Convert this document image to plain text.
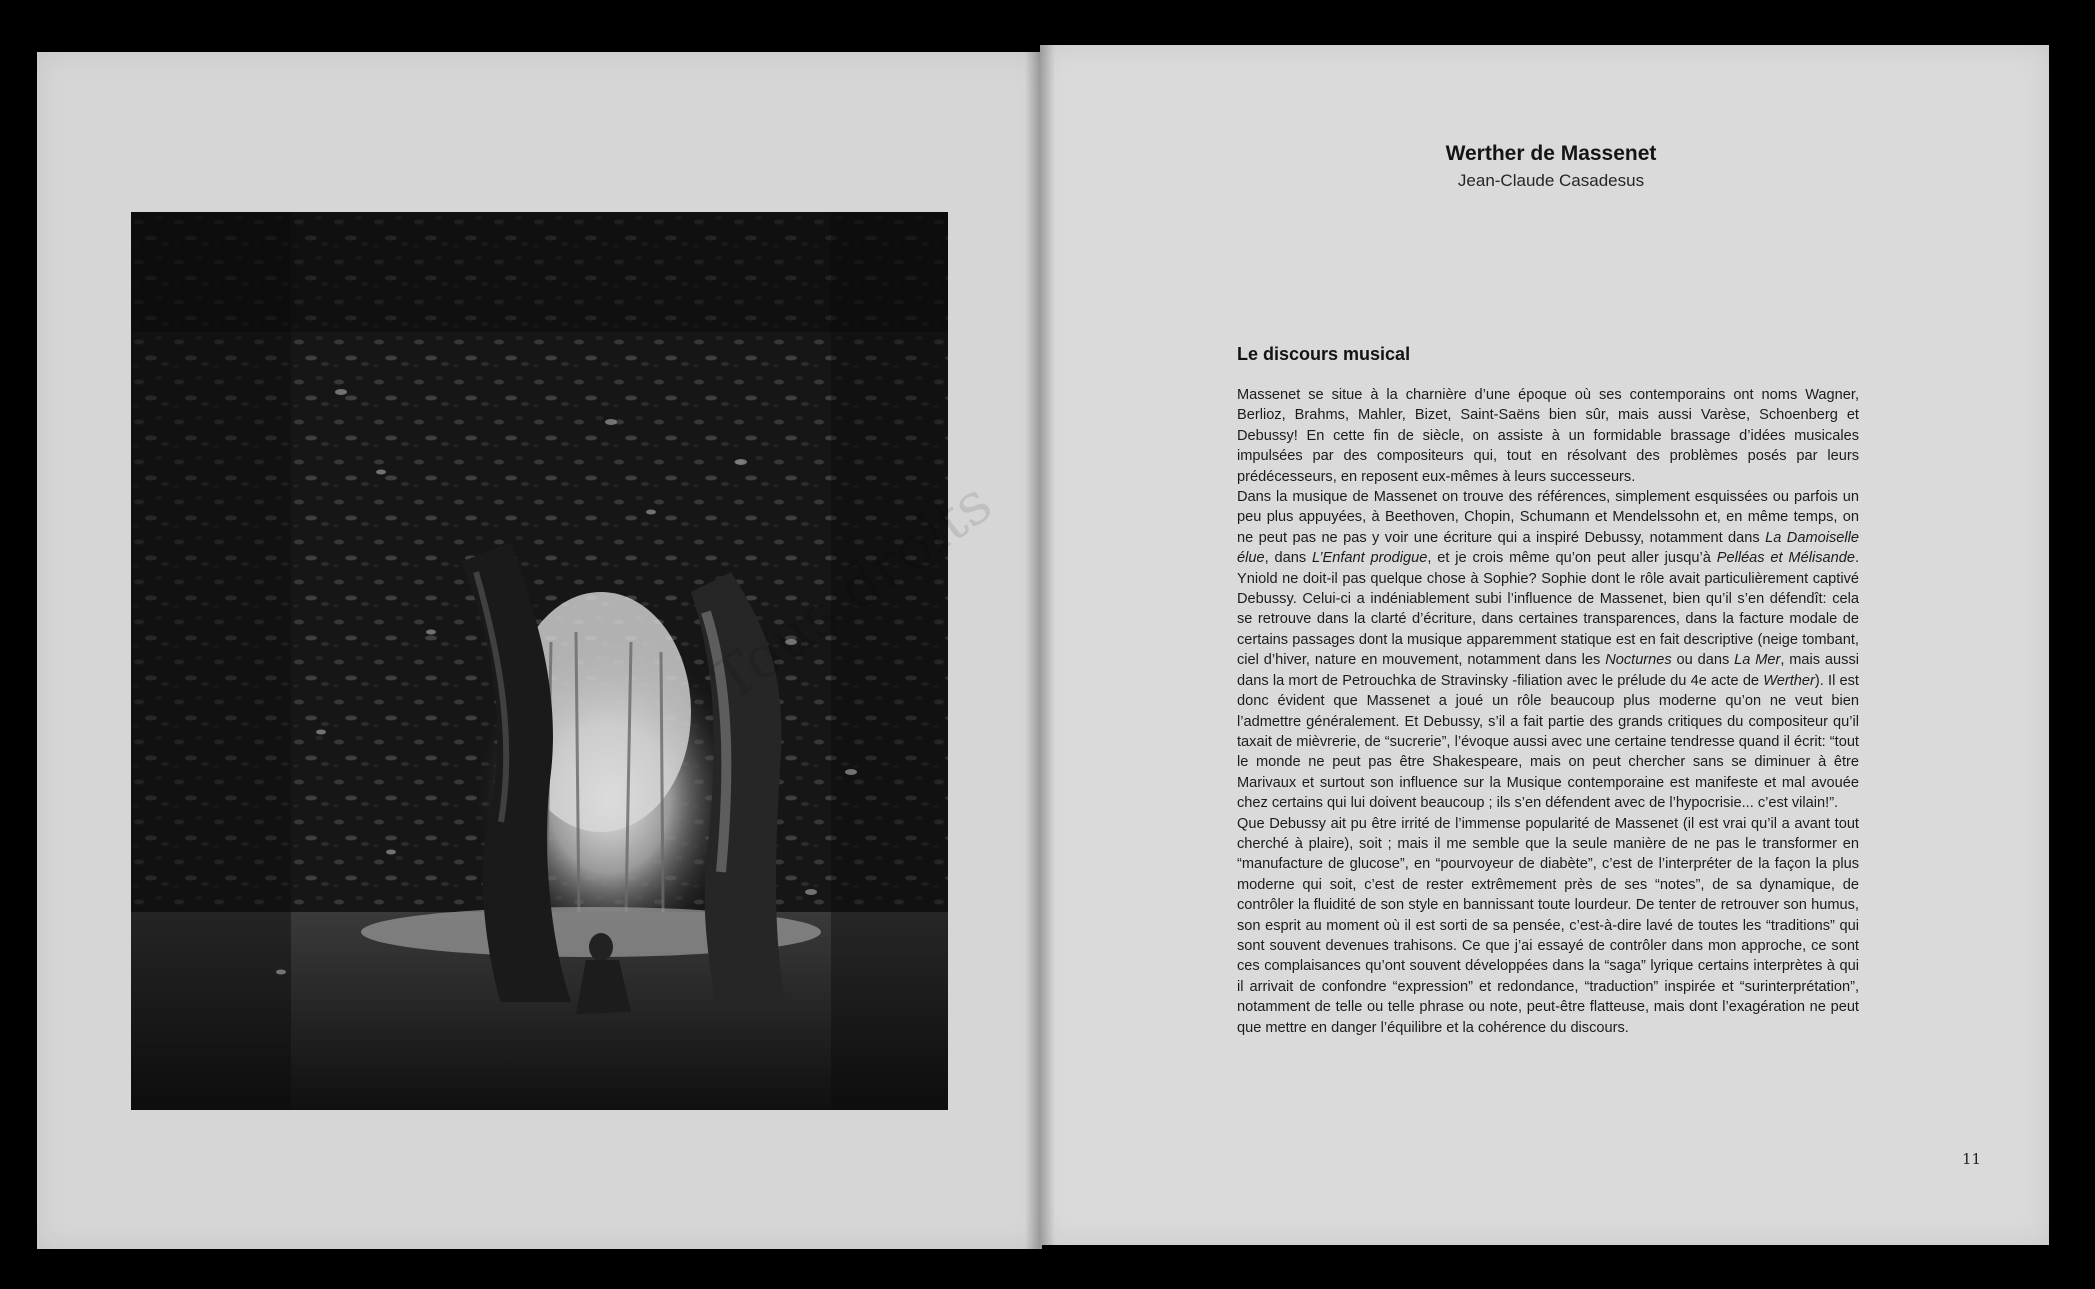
Werther de Massenet
Jean-Claude Casadesus
Le discours musical

Massenet se situe à la charnière d’une époque où ses contemporains ont noms Wagner, Berlioz, Brahms, Mahler, Bizet, Saint-Saëns bien sûr, mais aussi Varèse, Schoenberg et Debussy! En cette fin de siècle, on assiste à un formidable brassage d’idées musicales impulsées par des compositeurs qui, tout en résolvant des problèmes posés par leurs prédécesseurs, en reposent eux-mêmes à leurs successeurs.

Dans la musique de Massenet on trouve des références, simplement esquissées ou parfois un peu plus appuyées, à Beethoven, Chopin, Schumann et Mendelssohn et, en même temps, on ne peut pas ne pas y voir une écriture qui a inspiré Debussy, notamment dans La Damoiselle élue, dans L’Enfant prodigue, et je crois même qu’on peut aller jusqu’à Pelléas et Mélisande. Yniold ne doit-il pas quelque chose à Sophie? Sophie dont le rôle avait particulièrement captivé Debussy. Celui-ci a indéniablement subi l’influence de Massenet, bien qu’il s’en défendît: cela se retrouve dans la clarté d’écriture, dans certaines transparences, dans la facture modale de certains passages dont la musique apparemment statique est en fait descriptive (neige tombant, ciel d’hiver, nature en mouvement, notamment dans les Nocturnes ou dans La Mer, mais aussi dans la mort de Petrouchka de Stravinsky -filiation avec le prélude du 4e acte de Werther). Il est donc évident que Massenet a joué un rôle beaucoup plus moderne qu’on ne veut bien l’admettre généralement. Et Debussy, s’il a fait partie des grands critiques du compositeur qu’il taxait de mièvrerie, de “sucrerie”, l’évoque aussi avec une certaine tendresse quand il écrit: “tout le monde ne peut pas être Shakespeare, mais on peut chercher sans se diminuer à être Marivaux et surtout son influence sur la Musique contemporaine est manifeste et mal avouée chez certains qui lui doivent beaucoup ; ils s’en défendent avec de l’hypocrisie... c’est vilain!”.

Que Debussy ait pu être irrité de l’immense popularité de Massenet (il est vrai qu’il a avant tout cherché à plaire), soit ; mais il me semble que la seule manière de ne pas le transformer en “manufacture de glucose”, en “pourvoyeur de diabète”, c’est de l’interpréter de la façon la plus moderne qui soit, c’est de rester extrêmement près de ses “notes”, de sa dynamique, de contrôler la fluidité de son style en bannissant toute lourdeur. De tenter de retrouver son humus, son esprit au moment où il est sorti de sa pensée, c’est-à-dire lavé de toutes les “traditions” qui sont souvent devenues trahisons. Ce que j’ai essayé de contrôler dans mon approche, ce sont ces complaisances qu’ont souvent développées dans la “saga” lyrique certains interprètes à qui il arrivait de confondre “expression” et redondance, “traduction” inspirée et “surinterprétation”, notamment de telle ou telle phrase ou note, peut-être flatteuse, mais dont l’exagération ne peut que mettre en danger l’équilibre et la cohérence du discours.

11
